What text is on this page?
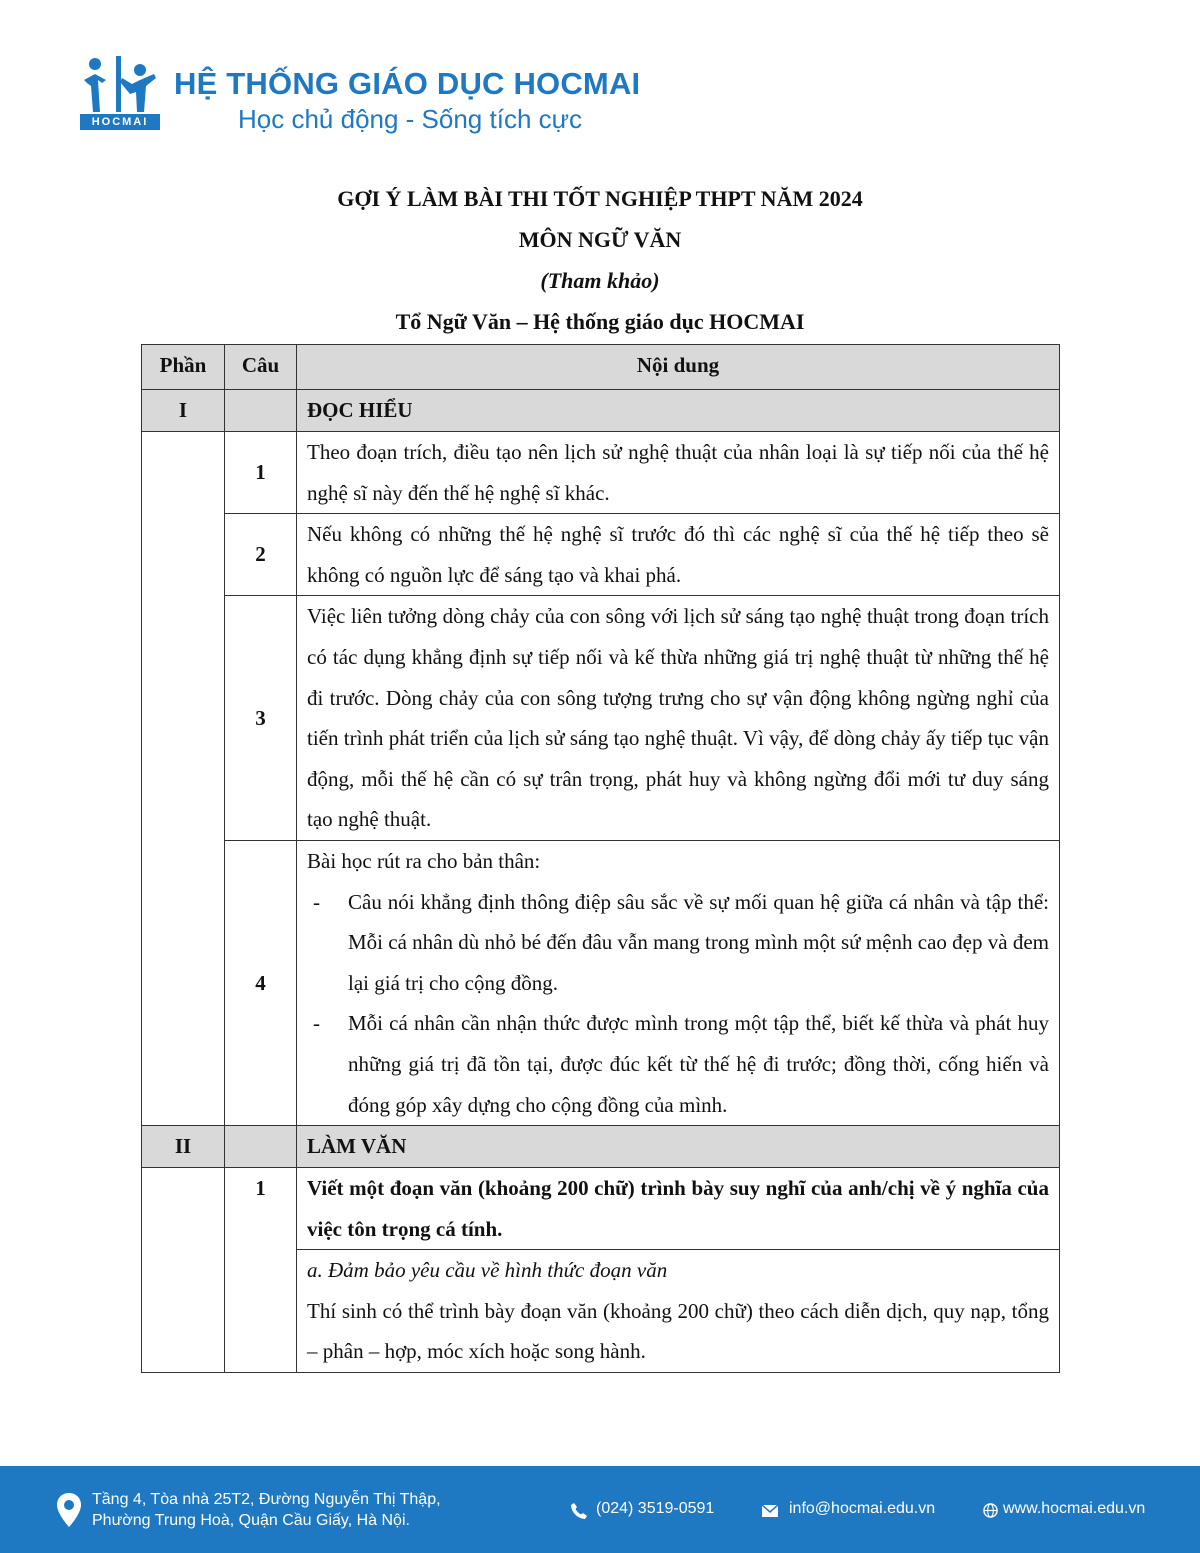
HOCMAI
HỆ THỐNG GIÁO DỤC HOCMAI
Học chủ động - Sống tích cực
GỢI Ý LÀM BÀI THI TỐT NGHIỆP THPT NĂM 2024
MÔN NGỮ VĂN
(Tham khảo)
Tổ Ngữ Văn – Hệ thống giáo dục HOCMAI
Phần	Câu	Nội dung
I		ĐỌC HIỂU
	1	Theo đoạn trích, điều tạo nên lịch sử nghệ thuật của nhân loại là sự tiếp nối của thế hệ nghệ sĩ này đến thế hệ nghệ sĩ khác.
	2	Nếu không có những thế hệ nghệ sĩ trước đó thì các nghệ sĩ của thế hệ tiếp theo sẽ không có nguồn lực để sáng tạo và khai phá.
	3	Việc liên tưởng dòng chảy của con sông với lịch sử sáng tạo nghệ thuật trong đoạn trích có tác dụng khẳng định sự tiếp nối và kế thừa những giá trị nghệ thuật từ những thế hệ đi trước. Dòng chảy của con sông tượng trưng cho sự vận động không ngừng nghỉ của tiến trình phát triển của lịch sử sáng tạo nghệ thuật. Vì vậy, để dòng chảy ấy tiếp tục vận động, mỗi thế hệ cần có sự trân trọng, phát huy và không ngừng đổi mới tư duy sáng tạo nghệ thuật.
	4	Bài học rút ra cho bản thân:
- Câu nói khẳng định thông điệp sâu sắc về sự mối quan hệ giữa cá nhân và tập thể: Mỗi cá nhân dù nhỏ bé đến đâu vẫn mang trong mình một sứ mệnh cao đẹp và đem lại giá trị cho cộng đồng.
- Mỗi cá nhân cần nhận thức được mình trong một tập thể, biết kế thừa và phát huy những giá trị đã tồn tại, được đúc kết từ thế hệ đi trước; đồng thời, cống hiến và đóng góp xây dựng cho cộng đồng của mình.

II		LÀM VĂN
	1	Viết một đoạn văn (khoảng 200 chữ) trình bày suy nghĩ của anh/chị về ý nghĩa của việc tôn trọng cá tính.

		a. Đảm bảo yêu cầu về hình thức đoạn văn
Thí sinh có thể trình bày đoạn văn (khoảng 200 chữ) theo cách diễn dịch, quy nạp, tổng – phân – hợp, móc xích hoặc song hành.
Tầng 4, Tòa nhà 25T2, Đường Nguyễn Thị Thập,
Phường Trung Hoà, Quận Cầu Giấy, Hà Nội.
(024) 3519-0591	info@hocmai.edu.vn	www.hocmai.edu.vn
